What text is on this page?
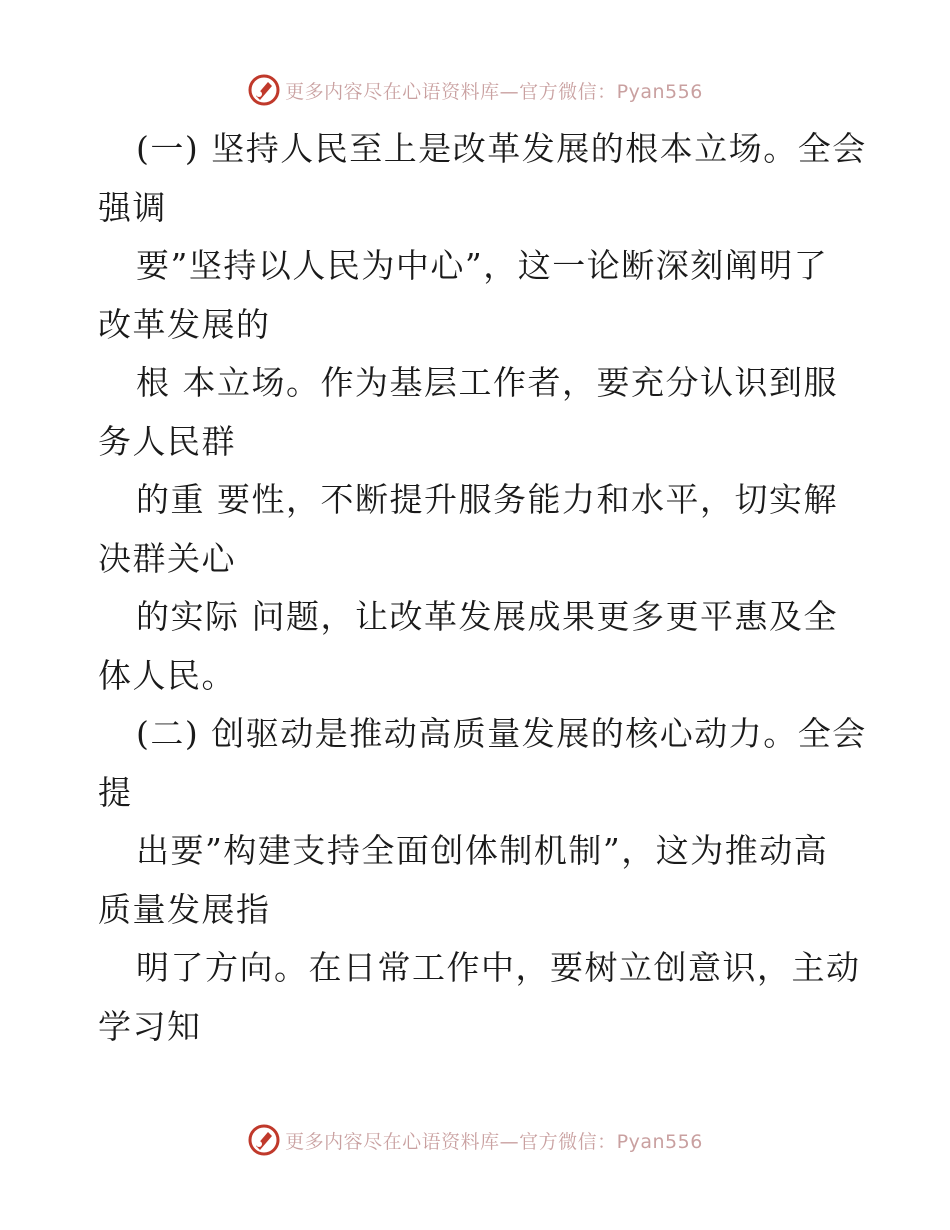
更多内容尽在心语资料库—官方微信：Pyan556
(一) 坚持人民至上是改革发展的根本立场。全会
强调
要”坚持以人民为中心”，这一论断深刻阐明了
改革发展的
根 本立场。作为基层工作者，要充分认识到服
务人民群
的重 要性，不断提升服务能力和水平，切实解
决群关心
的实际 问题，让改革发展成果更多更平惠及全
体人民。
(二) 创驱动是推动高质量发展的核心动力。全会
提
出要”构建支持全面创体制机制”，这为推动高
质量发展指
明了方向。在日常工作中，要树立创意识，主动
学习知
更多内容尽在心语资料库—官方微信：Pyan556
